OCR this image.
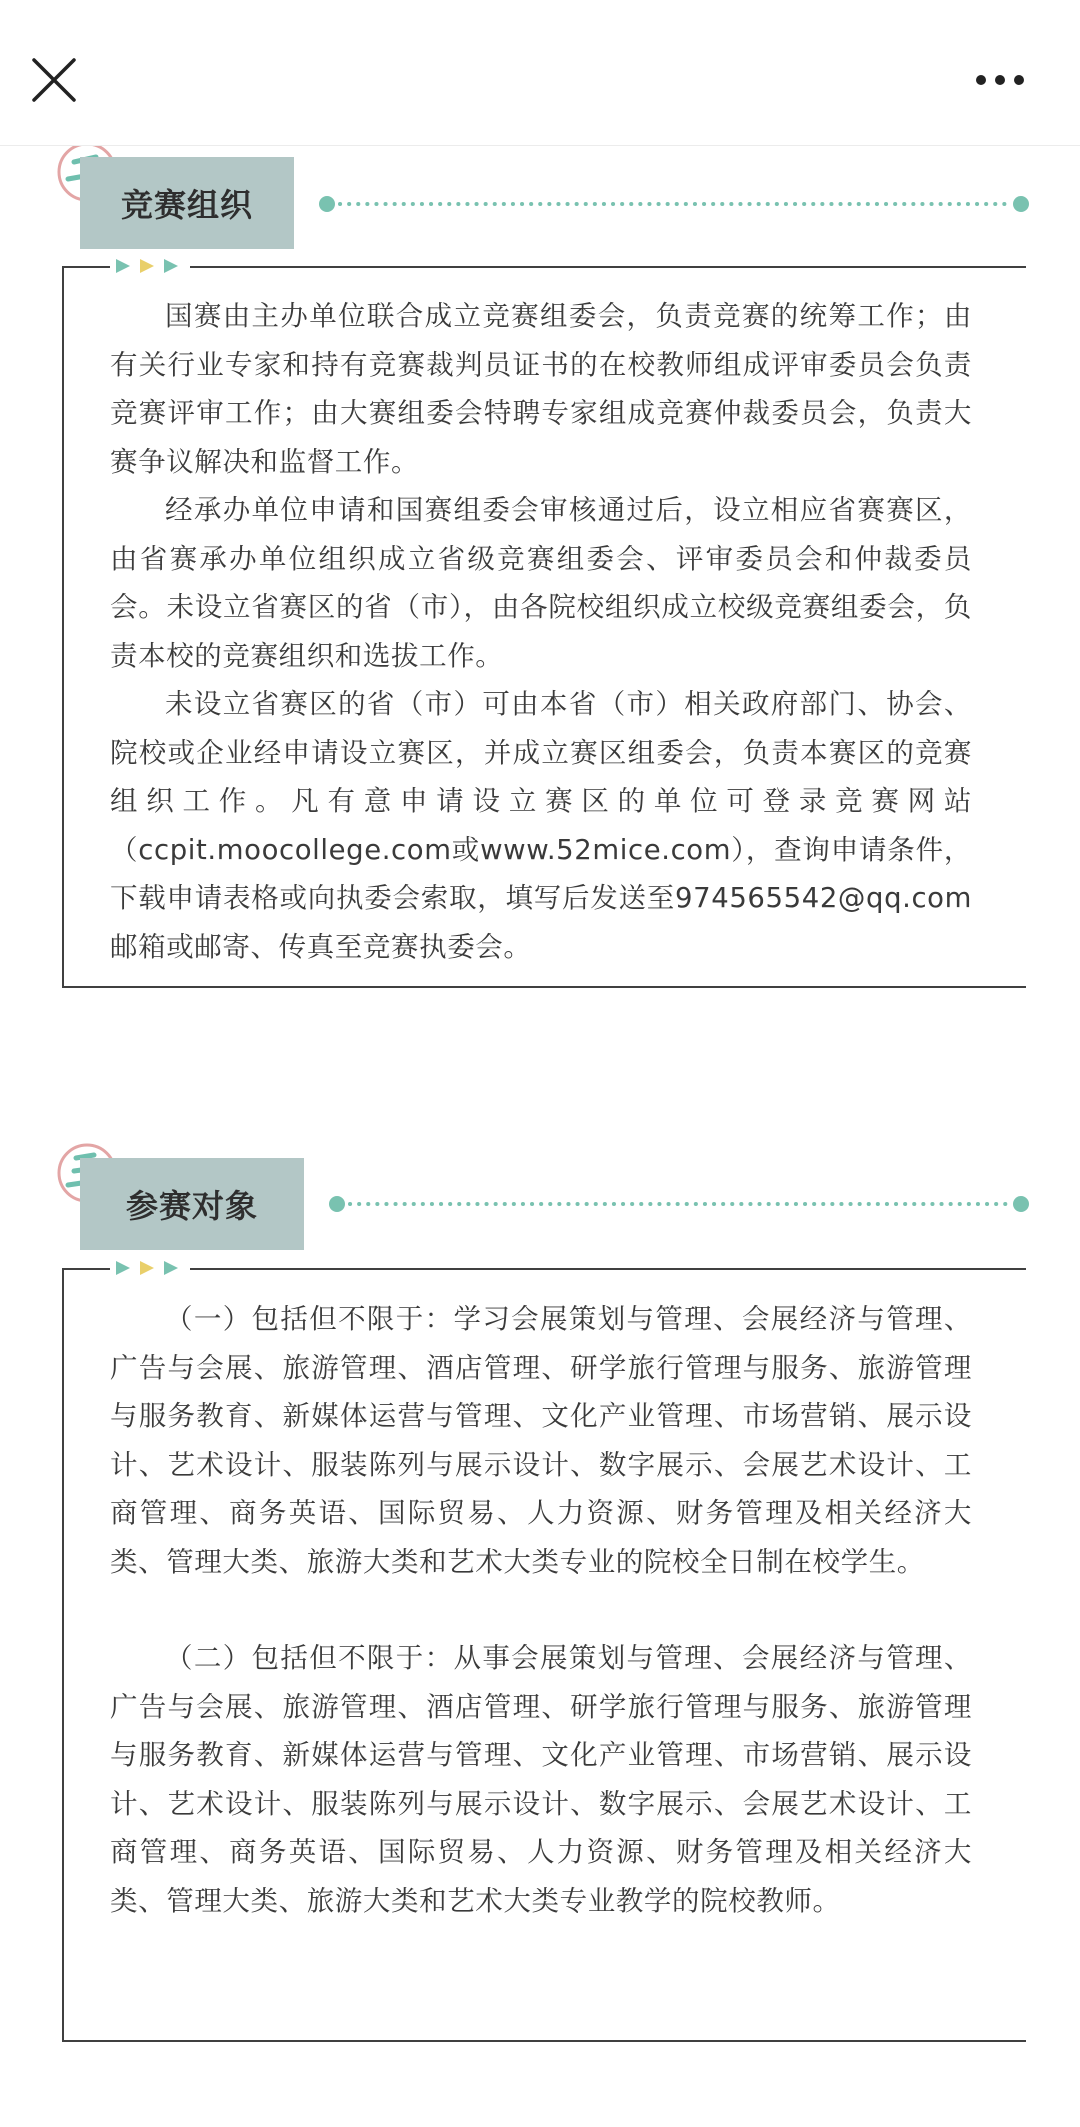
竞赛组织

国赛由主办单位联合成立竞赛组委会，负责竞赛的统筹工作；由有关行业专家和持有竞赛裁判员证书的在校教师组成评审委员会负责竞赛评审工作；由大赛组委会特聘专家组成竞赛仲裁委员会，负责大赛争议解决和监督工作。

经承办单位申请和国赛组委会审核通过后，设立相应省赛赛区，由省赛承办单位组织成立省级竞赛组委会、评审委员会和仲裁委员会。未设立省赛区的省（市），由各院校组织成立校级竞赛组委会，负责本校的竞赛组织和选拔工作。

未设立省赛区的省（市）可由本省（市）相关政府部门、协会、院校或企业经申请设立赛区，并成立赛区组委会，负责本赛区的竞赛组织工作。凡有意申请设立赛区的单位可登录竞赛网站（ccpit.moocollege.com或www.52mice.com），查询申请条件，下载申请表格或向执委会索取，填写后发送至974565542@qq.com邮箱或邮寄、传真至竞赛执委会。

参赛对象

（一）包括但不限于：学习会展策划与管理、会展经济与管理、广告与会展、旅游管理、酒店管理、研学旅行管理与服务、旅游管理与服务教育、新媒体运营与管理、文化产业管理、市场营销、展示设计、艺术设计、服装陈列与展示设计、数字展示、会展艺术设计、工商管理、商务英语、国际贸易、人力资源、财务管理及相关经济大类、管理大类、旅游大类和艺术大类专业的院校全日制在校学生。

（二）包括但不限于：从事会展策划与管理、会展经济与管理、广告与会展、旅游管理、酒店管理、研学旅行管理与服务、旅游管理与服务教育、新媒体运营与管理、文化产业管理、市场营销、展示设计、艺术设计、服装陈列与展示设计、数字展示、会展艺术设计、工商管理、商务英语、国际贸易、人力资源、财务管理及相关经济大类、管理大类、旅游大类和艺术大类专业教学的院校教师。
